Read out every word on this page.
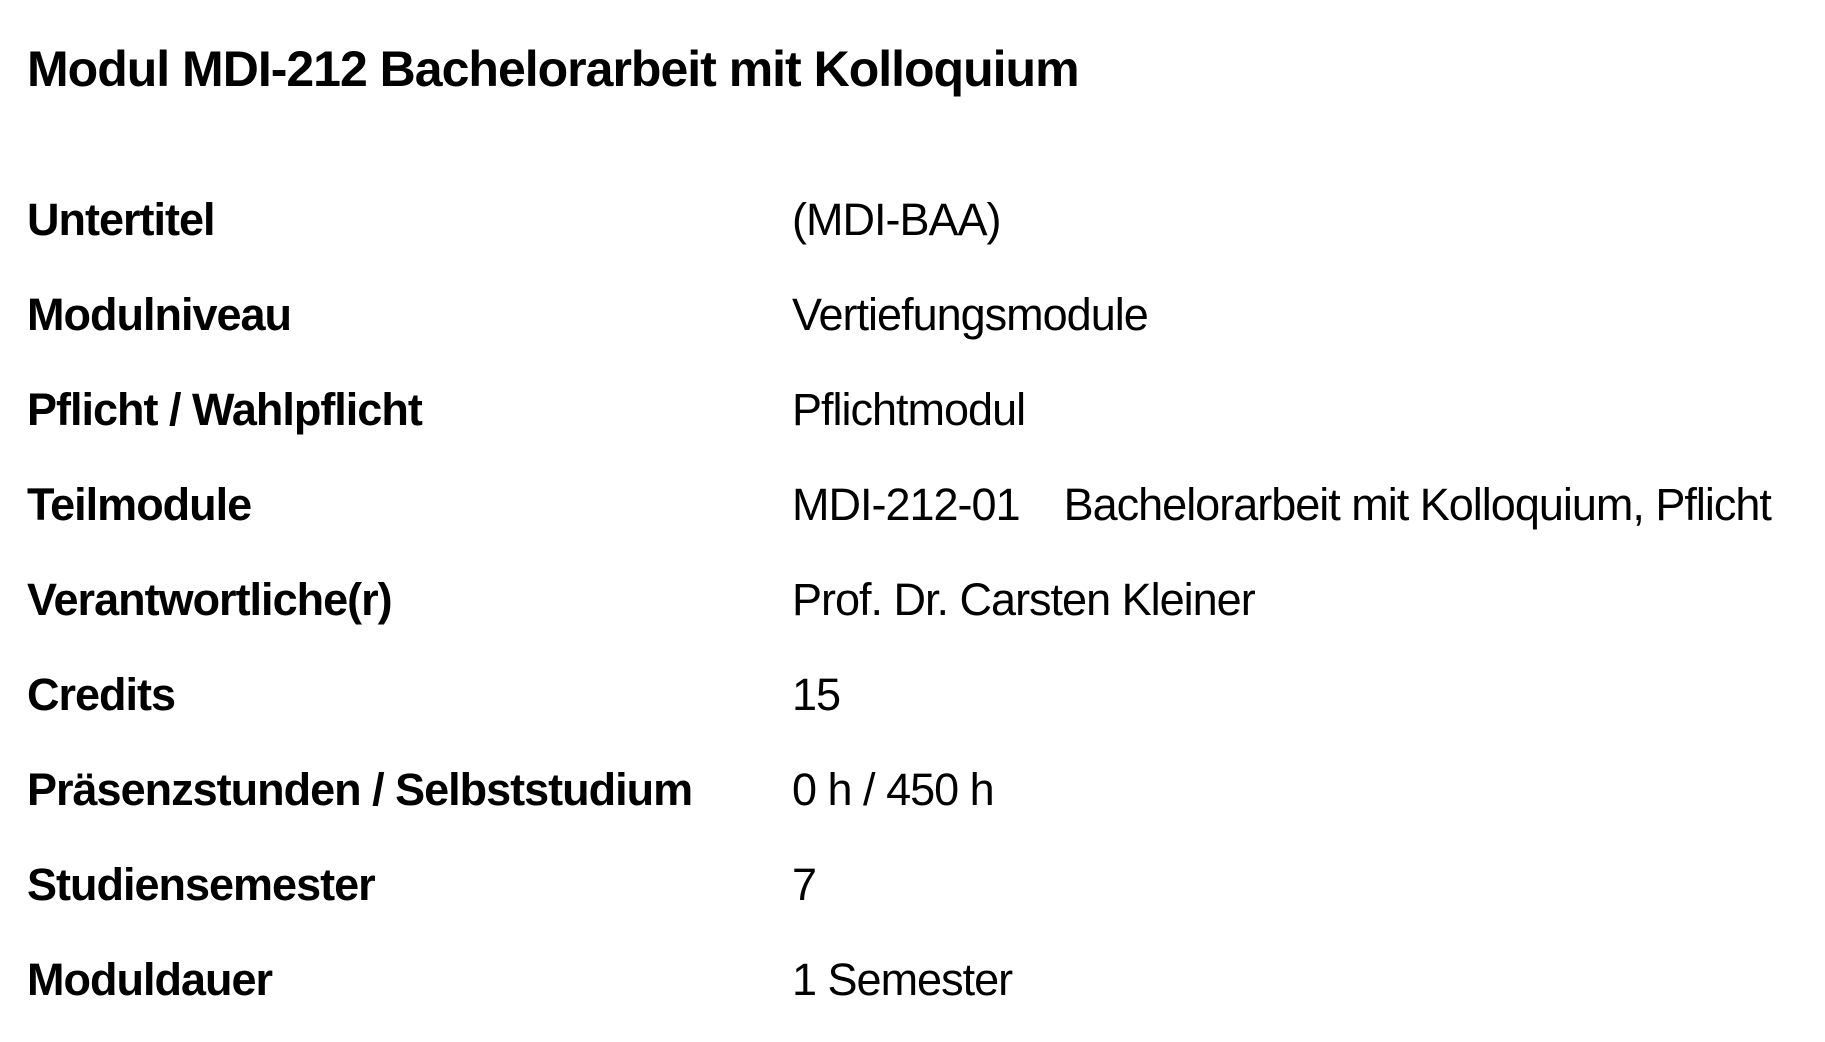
Modul MDI-212 Bachelorarbeit mit Kolloquium
Untertitel	(MDI-BAA)
Modulniveau	Vertiefungsmodule
Pflicht / Wahlpflicht	Pflichtmodul
Teilmodule	MDI-212-01 Bachelorarbeit mit Kolloquium, Pflicht
Verantwortliche(r)	Prof. Dr. Carsten Kleiner
Credits	15
Präsenzstunden / Selbststudium 0 h / 450 h
Studiensemester	7
Moduldauer	1 Semester
